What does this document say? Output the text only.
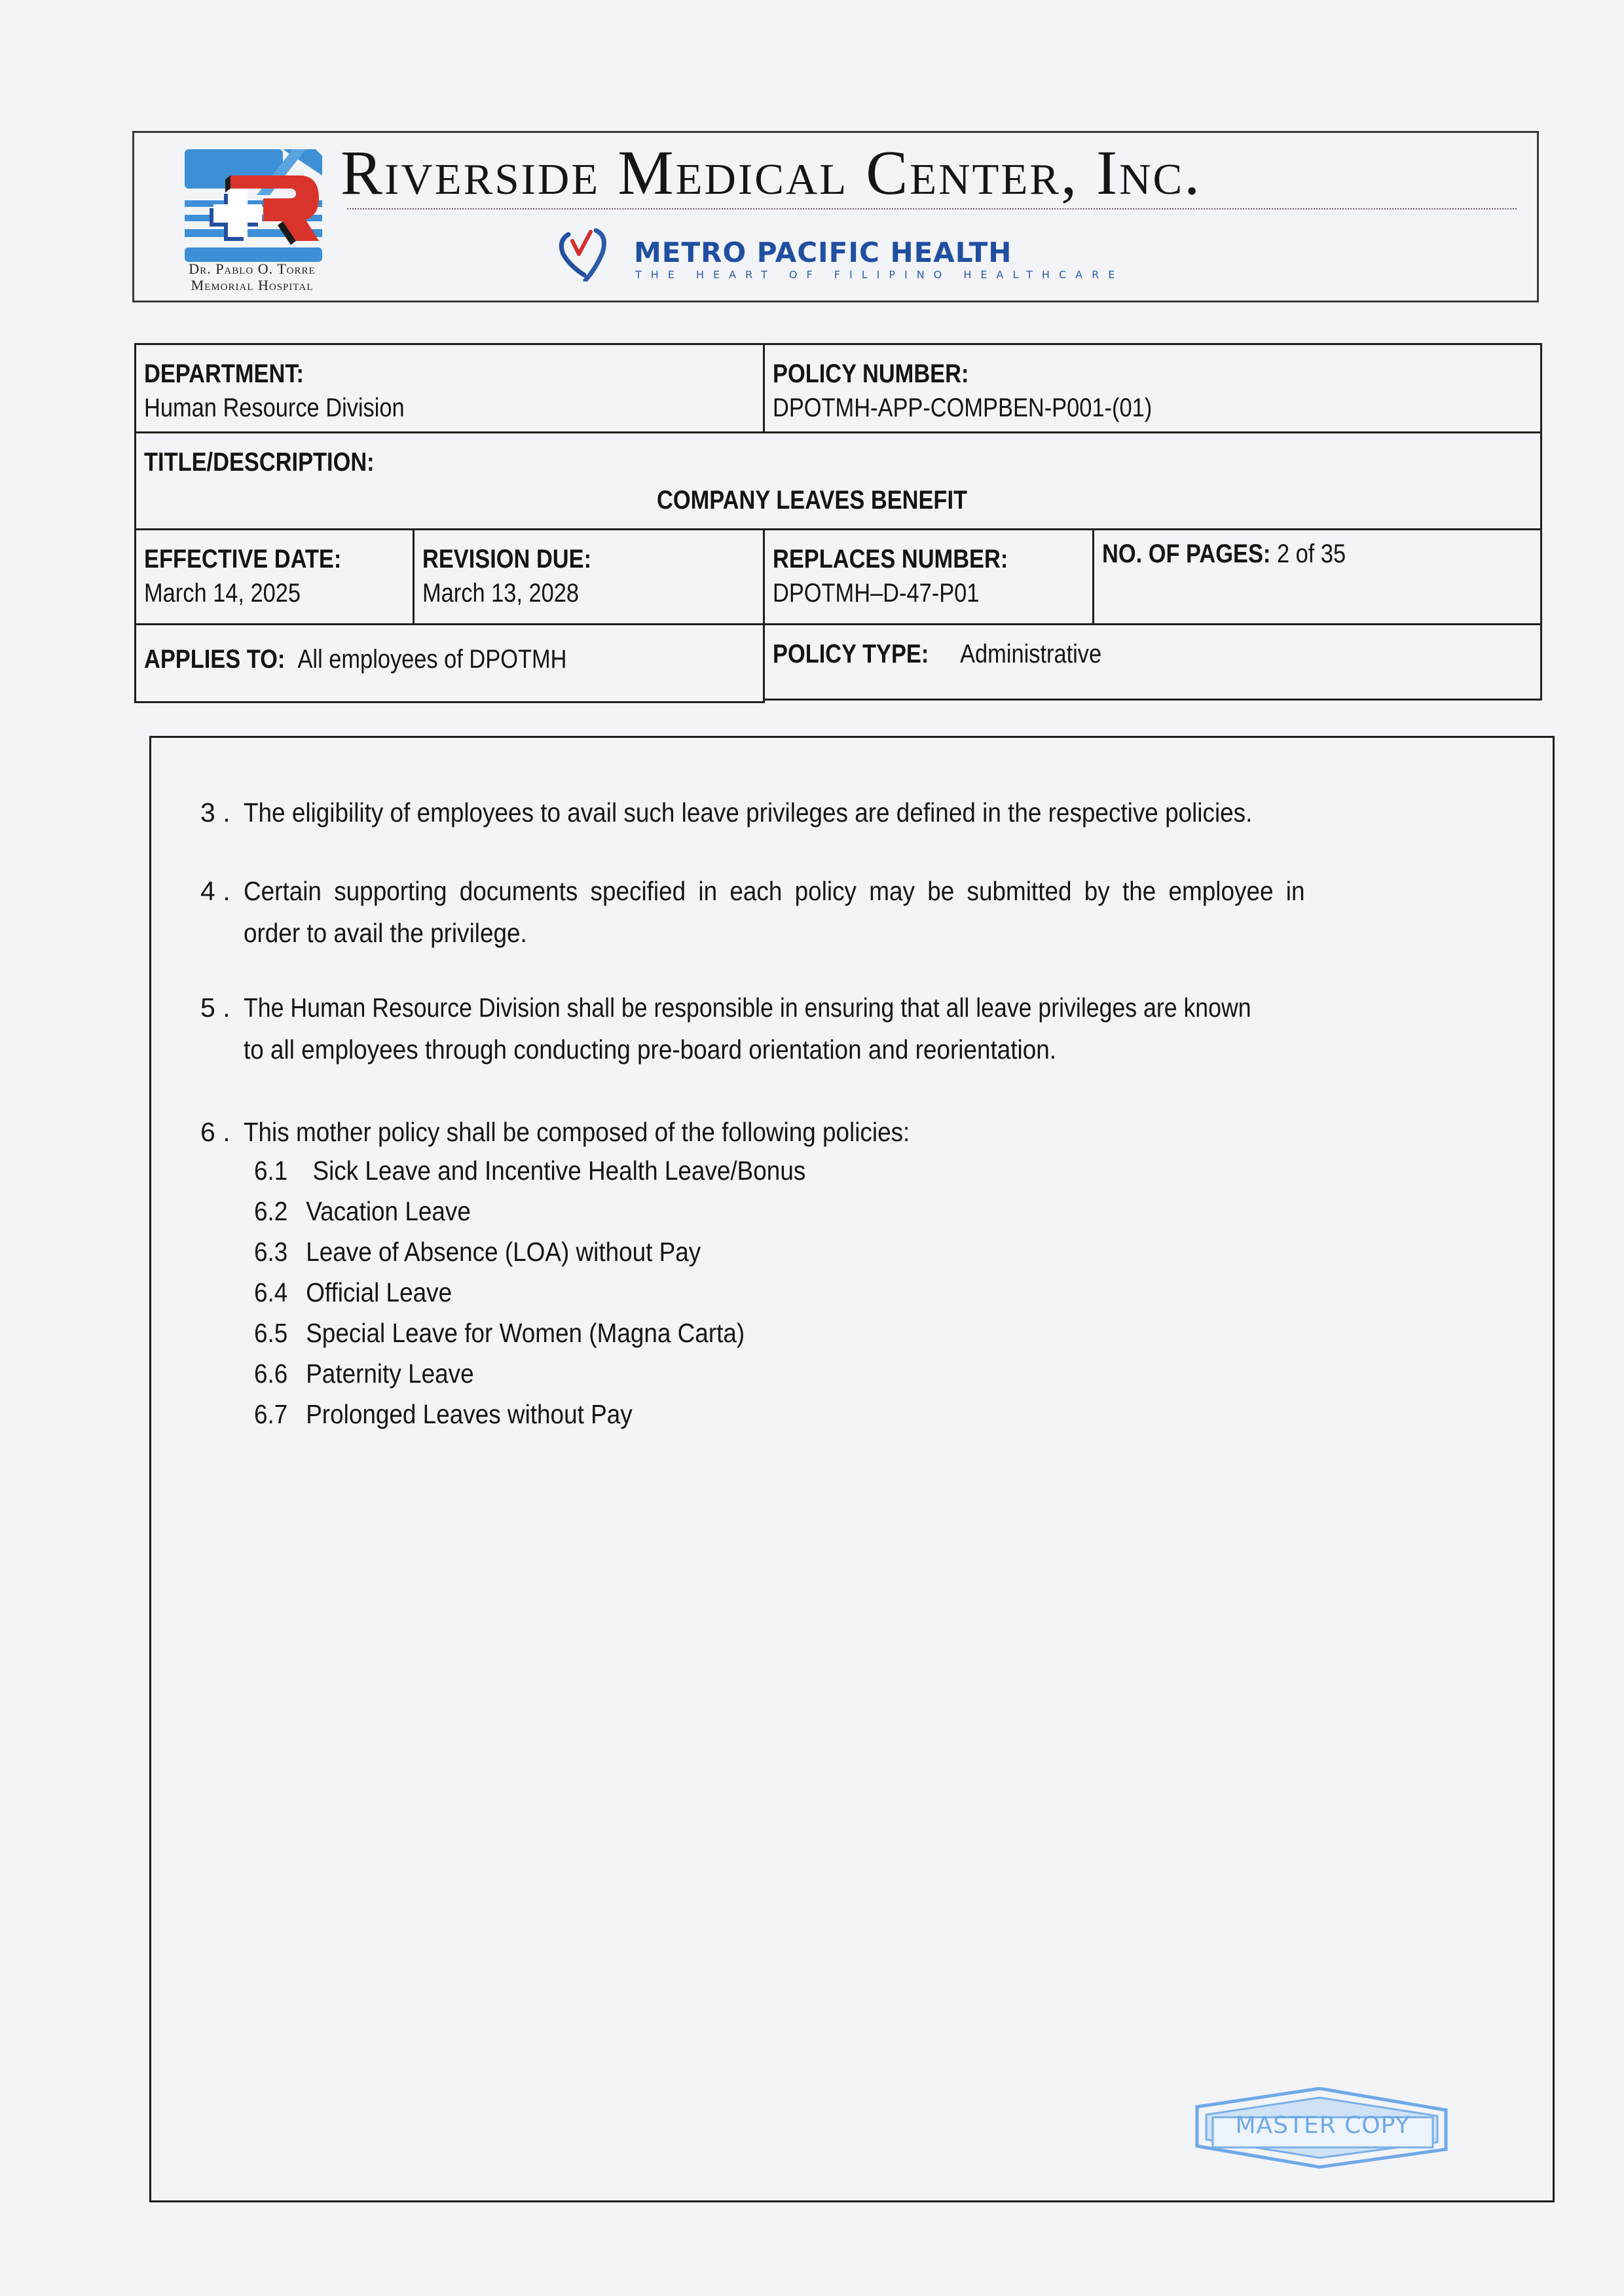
Dr. Pablo O. Torre
Memorial Hospital
Riverside Medical Center, Inc.
METRO PACIFIC HEALTH
THE HEART OF FILIPINO HEALTHCARE
DEPARTMENT:
Human Resource Division
POLICY NUMBER:
DPOTMH-APP-COMPBEN-P001-(01)
TITLE/DESCRIPTION:
COMPANY LEAVES BENEFIT
EFFECTIVE DATE:
March 14, 2025
REVISION DUE:
March 13, 2028
REPLACES NUMBER:
DPOTMH–D-47-P01
NO. OF PAGES: 2 of 35
APPLIES TO: All employees of DPOTMH	POLICY TYPE: Administrative
3 . The eligibility of employees to avail such leave privileges are defined in the respective policies.
4 . Certain supporting documents specified in each policy may be submitted by the employee in
order to avail the privilege.
5 . The Human Resource Division shall be responsible in ensuring that all leave privileges are known
to all employees through conducting pre-board orientation and reorientation.
6 . This mother policy shall be composed of the following policies:
6.1 Sick Leave and Incentive Health Leave/Bonus
6.2 Vacation Leave
6.3 Leave of Absence (LOA) without Pay
6.4 Official Leave
6.5 Special Leave for Women (Magna Carta)
6.6 Paternity Leave
6.7 Prolonged Leaves without Pay
MASTER COPY
